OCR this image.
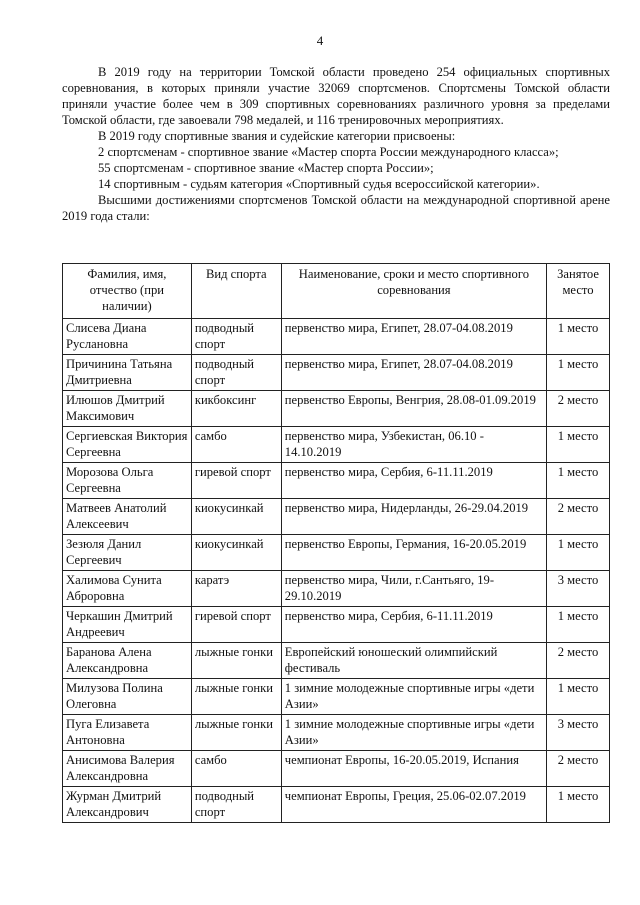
4

В 2019 году на территории Томской области проведено 254 официальных спортивных соревнования, в которых приняли участие 32069 спортсменов. Спортсмены Томской области приняли участие более чем в 309 спортивных соревнованиях различного уровня за пределами Томской области, где завоевали 798 медалей, и 116 тренировочных мероприятиях.

В 2019 году спортивные звания и судейские категории присвоены:

2 спортсменам - спортивное звание «Мастер спорта России международного класса»;

55 спортсменам - спортивное звание «Мастер спорта России»;

14 спортивным - судьям категория «Спортивный судья всероссийской категории».

Высшими достижениями спортсменов Томской области на международной спортивной арене 2019 года стали:

Фамилия, имя, отчество (при наличии)	Вид спорта	Наименование, сроки и место спортивного соревнования	Занятое место
Слисева Диана Руслановна	подводный спорт	первенство мира, Египет, 28.07-04.08.2019	1 место
Причинина Татьяна Дмитриевна	подводный спорт	первенство мира, Египет, 28.07-04.08.2019	1 место
Илюшов Дмитрий Максимович	кикбоксинг	первенство Европы, Венгрия, 28.08-01.09.2019	2 место
Сергиевская Виктория Сергеевна	самбо	первенство мира, Узбекистан, 06.10 - 14.10.2019	1 место
Морозова Ольга Сергеевна	гиревой спорт	первенство мира, Сербия, 6-11.11.2019	1 место
Матвеев Анатолий Алексеевич	киокусинкай	первенство мира, Нидерланды, 26-29.04.2019	2 место
Зезюля Данил Сергеевич	киокусинкай	первенство Европы, Германия, 16-20.05.2019	1 место
Халимова Сунита Аброровна	каратэ	первенство мира, Чили, г.Сантьяго, 19-29.10.2019	3 место
Черкашин Дмитрий Андреевич	гиревой спорт	первенство мира, Сербия, 6-11.11.2019	1 место
Баранова Алена Александровна	лыжные гонки	Европейский юношеский олимпийский фестиваль	2 место
Милузова Полина Олеговна	лыжные гонки	1 зимние молодежные спортивные игры «дети Азии»	1 место
Пуга Елизавета Антоновна	лыжные гонки	1 зимние молодежные спортивные игры «дети Азии»	3 место
Анисимова Валерия Александровна	самбо	чемпионат Европы, 16-20.05.2019, Испания	2 место
Журман Дмитрий Александрович	подводный спорт	чемпионат Европы, Греция, 25.06-02.07.2019	1 место
